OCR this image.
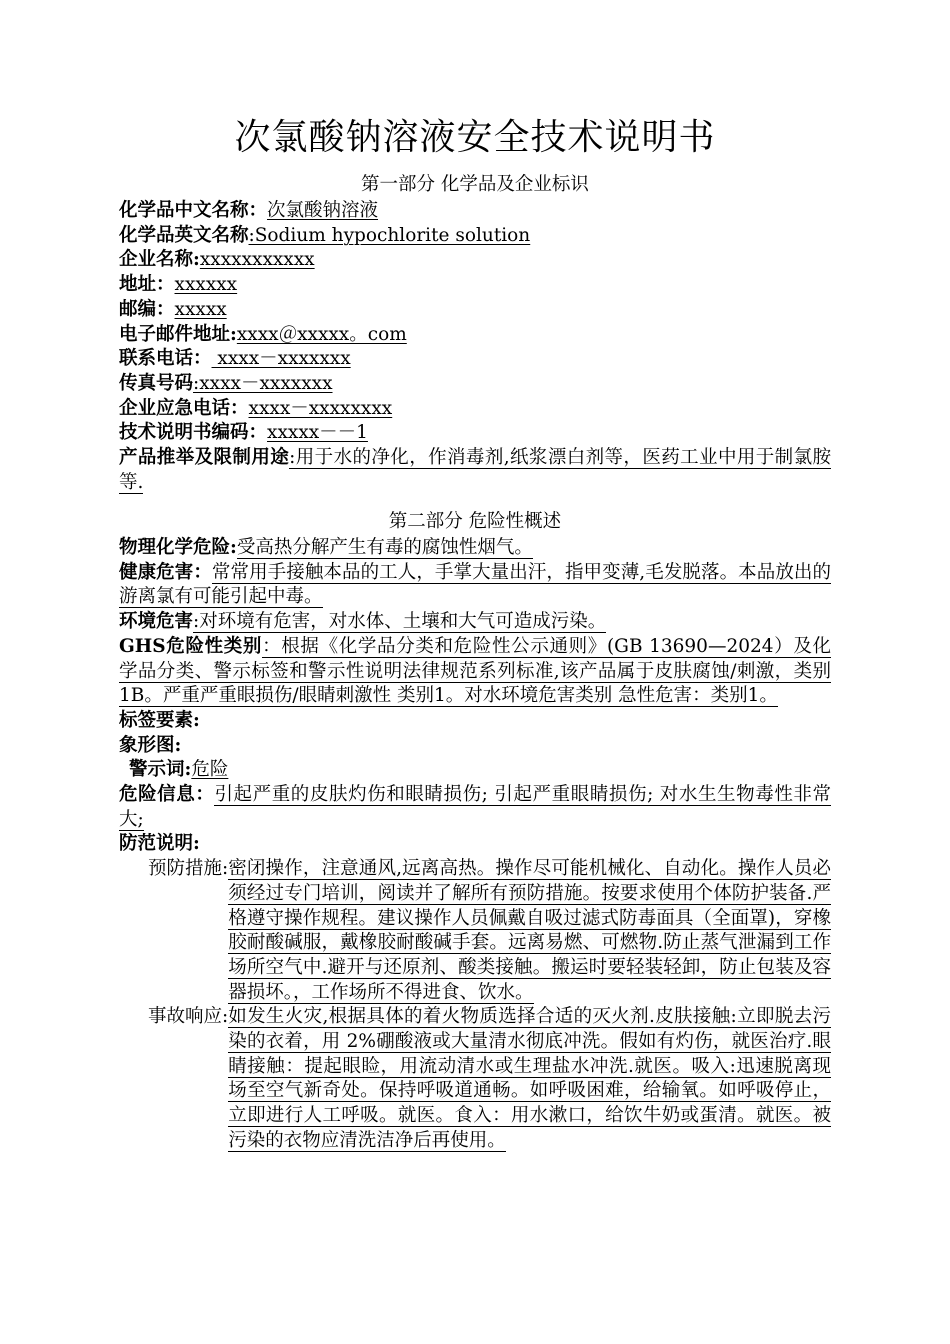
次氯酸钠溶液安全技术说明书
第一部分 化学品及企业标识
化学品中文名称：次氯酸钠溶液
化学品英文名称:Sodium hypochlorite solution
企业名称:xxxxxxxxxxx
地址：xxxxxx
邮编：xxxxx
电子邮件地址:xxxx＠xxxxx。com
联系电话： xxxx－xxxxxxx
传真号码:xxxx－xxxxxxx
企业应急电话：xxxx－xxxxxxxx
技术说明书编码：xxxxx－－1
产品推举及限制用途:用于水的净化，作消毒剂,纸浆漂白剂等，医药工业中用于制氯胺等.
第二部分 危险性概述
物理化学危险:受高热分解产生有毒的腐蚀性烟气。
健康危害：常常用手接触本品的工人，手掌大量出汗，指甲变薄,毛发脱落。本品放出的游离氯有可能引起中毒。
环境危害:对环境有危害，对水体、土壤和大气可造成污染。
GHS危险性类别：根据《化学品分类和危险性公示通则》(GB 13690—2024）及化学品分类、警示标签和警示性说明法律规范系列标准,该产品属于皮肤腐蚀/刺激，类别1B。严重严重眼损伤/眼睛刺激性 类别1。对水环境危害类别 急性危害：类别1。
标签要素:
象形图:
警示词:危险
危险信息：引起严重的皮肤灼伤和眼睛损伤; 引起严重眼睛损伤; 对水生生物毒性非常大;
防范说明:
预防措施: 密闭操作，注意通风,远离高热。操作尽可能机械化、自动化。操作人员必须经过专门培训，阅读并了解所有预防措施。按要求使用个体防护装备.严格遵守操作规程。建议操作人员佩戴自吸过滤式防毒面具（全面罩)，穿橡胶耐酸碱服，戴橡胶耐酸碱手套。远离易燃、可燃物.防止蒸气泄漏到工作场所空气中.避开与还原剂、酸类接触。搬运时要轻装轻卸，防止包装及容器损坏。，工作场所不得进食、饮水。
事故响应: 如发生火灾,根据具体的着火物质选择合适的灭火剂.皮肤接触:立即脱去污染的衣着，用 2%硼酸液或大量清水彻底冲洗。假如有灼伤，就医治疗.眼睛接触：提起眼睑，用流动清水或生理盐水冲洗.就医。吸入:迅速脱离现场至空气新奇处。保持呼吸道通畅。如呼吸困难，给输氧。如呼吸停止，立即进行人工呼吸。就医。食入：用水漱口，给饮牛奶或蛋清。就医。被污染的衣物应清洗洁净后再使用。
